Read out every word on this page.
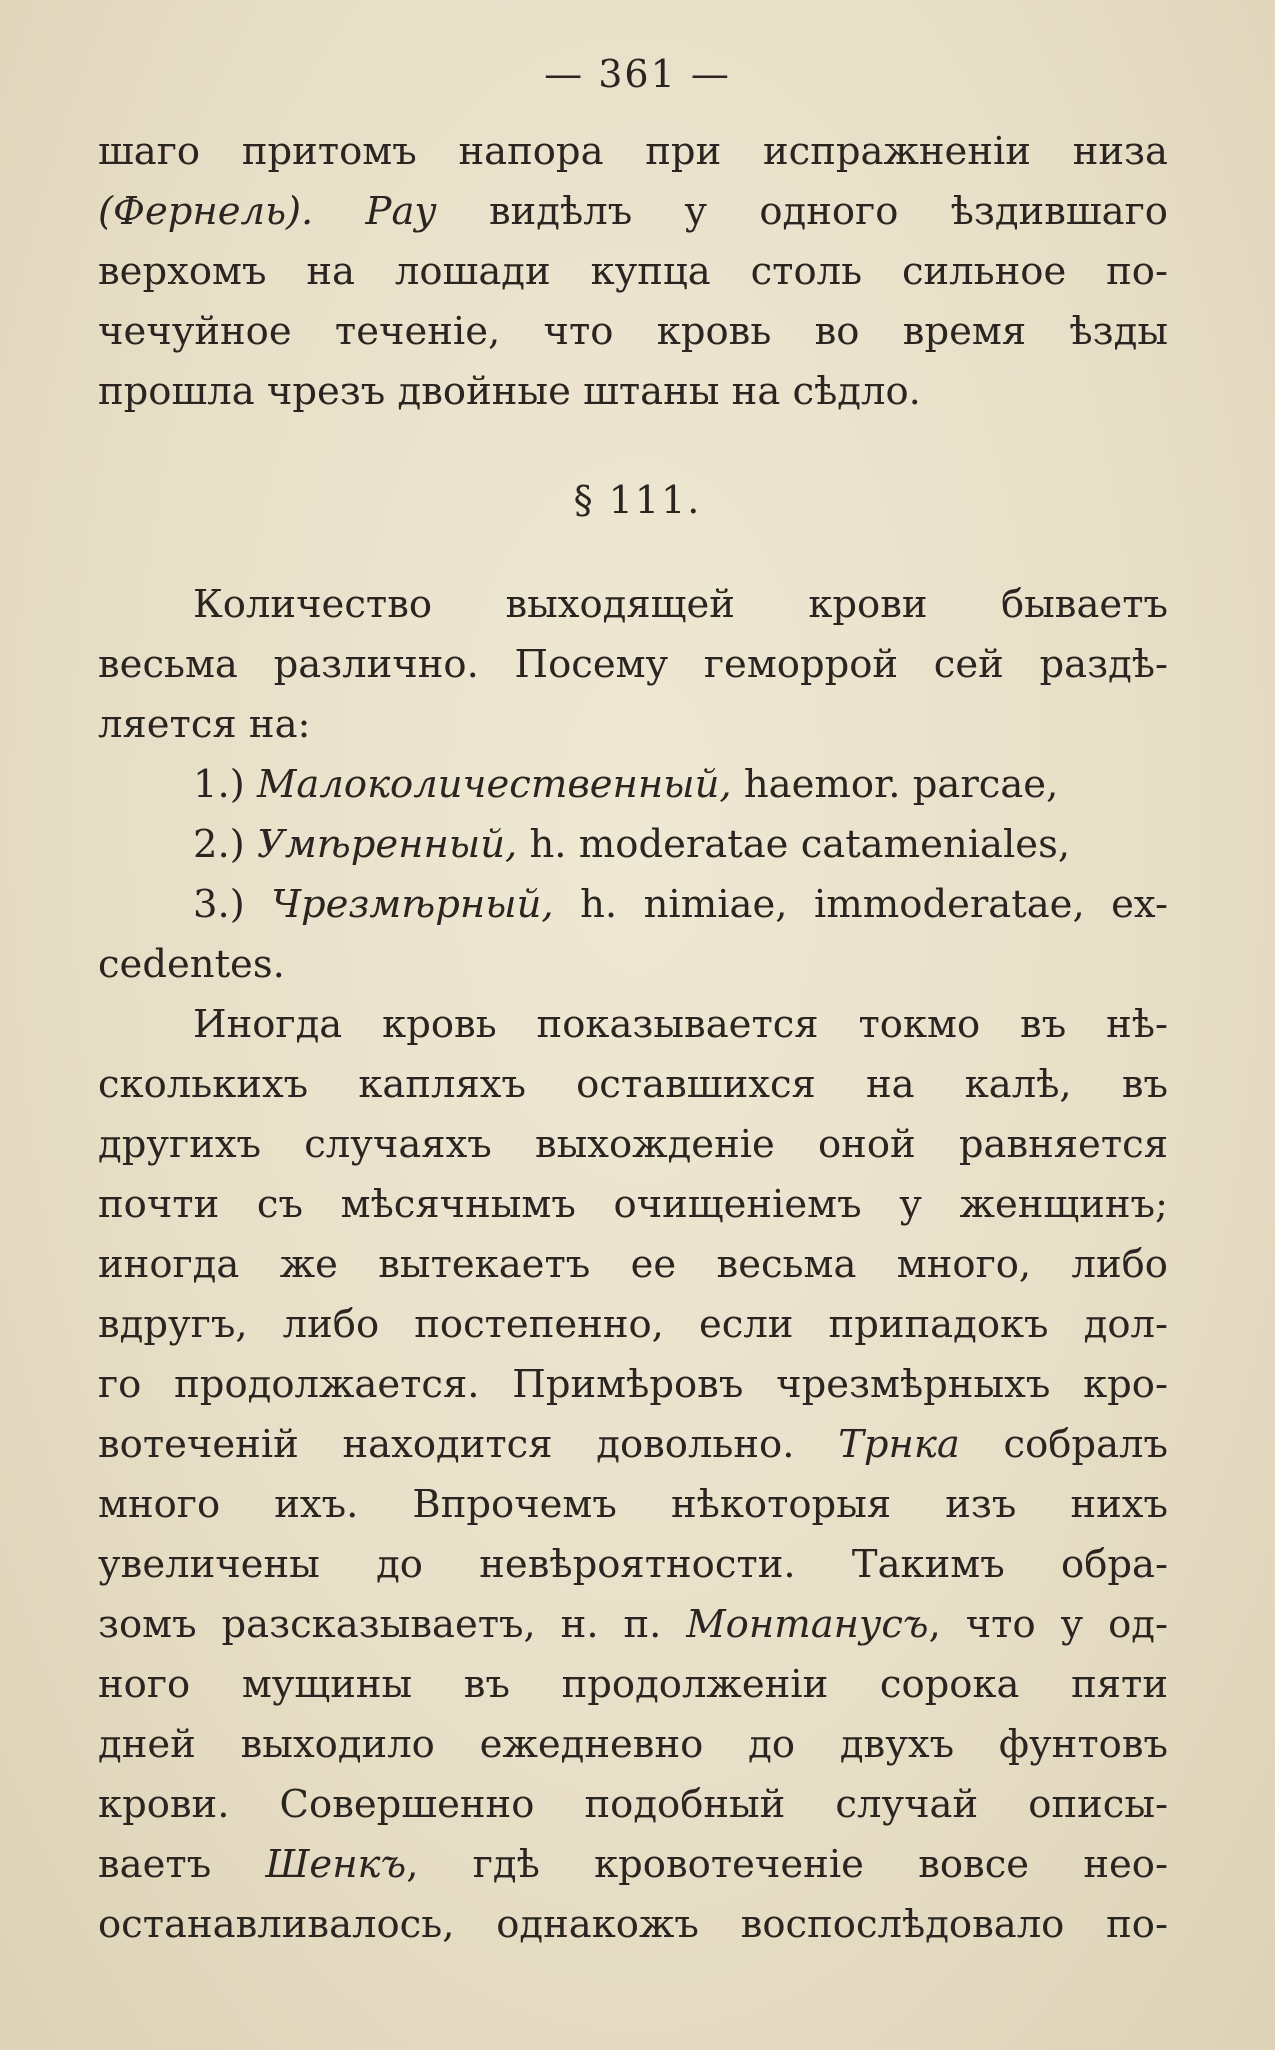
— 361 —
шаго притомъ напора при испражненіи низа
(Фернель). Рау видѣлъ у одного ѣздившаго
верхомъ на лошади купца столь сильное по-
чечуйное теченіе, что кровь во время ѣзды
прошла чрезъ двойные штаны на сѣдло.
§ 111.
Количество выходящей крови бываетъ
весьма различно. Посему геморрой сей раздѣ-
ляется на:
1.) Малоколичественный, haemor. parcae,
2.) Умѣренный, h. moderatae catameniales,
3.) Чрезмѣрный, h. nimiae, immoderatae, ex-
cedentes.
Иногда кровь показывается токмо въ нѣ-
сколькихъ капляхъ оставшихся на калѣ, въ
другихъ случаяхъ выхожденіе оной равняется
почти съ мѣсячнымъ очищеніемъ у женщинъ;
иногда же вытекаетъ ее весьма много, либо
вдругъ, либо постепенно, если припадокъ дол-
го продолжается. Примѣровъ чрезмѣрныхъ кро-
вотеченій находится довольно. Трнка собралъ
много ихъ. Впрочемъ нѣкоторыя изъ нихъ
увеличены до невѣроятности. Такимъ обра-
зомъ разсказываетъ, н. п. Монтанусъ, что у од-
ного мущины въ продолженіи сорока пяти
дней выходило ежедневно до двухъ фунтовъ
крови. Совершенно подобный случай описы-
ваетъ Шенкъ, гдѣ кровотеченіе вовсе нео-
останавливалось, однакожъ воспослѣдовало по-
